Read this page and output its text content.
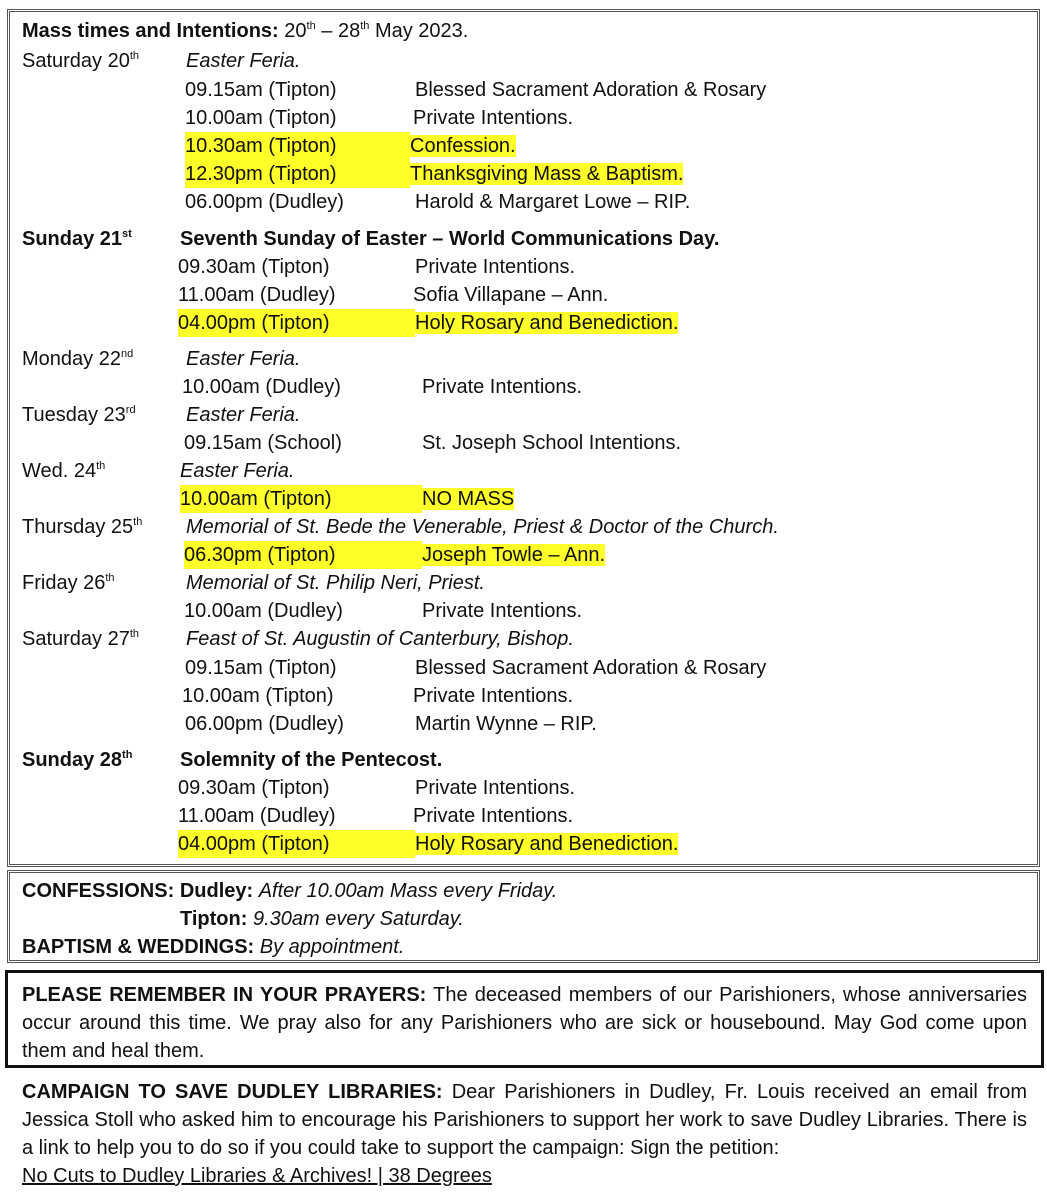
Mass times and Intentions: 20th – 28th May 2023.
Saturday 20th Easter Feria.
09.15am (Tipton)	Blessed Sacrament Adoration & Rosary
10.00am (Tipton)	Private Intentions.
10.30am (Tipton)	Confession.
12.30pm (Tipton)	Thanksgiving Mass & Baptism.
06.00pm (Dudley)	Harold & Margaret Lowe – RIP.
Sunday 21st Seventh Sunday of Easter – World Communications Day.
09.30am (Tipton)	Private Intentions.
11.00am (Dudley)	Sofia Villapane – Ann.
04.00pm (Tipton)	Holy Rosary and Benediction.
Monday 22nd	Easter Feria.
10.00am (Dudley)	Private Intentions.
Tuesday 23rd	Easter Feria.
09.15am (School)	St. Joseph School Intentions.
Wed. 24th	Easter Feria.
10.00am (Tipton)	NO MASS
Thursday 25th Memorial of St. Bede the Venerable, Priest & Doctor of the Church.
06.30pm (Tipton)	Joseph Towle – Ann.
Friday 26th	Memorial of St. Philip Neri, Priest.
10.00am (Dudley)	Private Intentions.
Saturday 27th Feast of St. Augustin of Canterbury, Bishop.
09.15am (Tipton)	Blessed Sacrament Adoration & Rosary
10.00am (Tipton)	Private Intentions.
06.00pm (Dudley)	Martin Wynne – RIP.
Sunday 28th Solemnity of the Pentecost.
09.30am (Tipton)	Private Intentions.
11.00am (Dudley)	Private Intentions.
04.00pm (Tipton)	Holy Rosary and Benediction.
CONFESSIONS: Dudley: After 10.00am Mass every Friday.
Tipton: 9.30am every Saturday.
BAPTISM & WEDDINGS: By appointment.
PLEASE REMEMBER IN YOUR PRAYERS: The deceased members of our Parishioners, whose anniversaries occur around this time. We pray also for any Parishioners who are sick or housebound. May God come upon them and heal them.
CAMPAIGN TO SAVE DUDLEY LIBRARIES: Dear Parishioners in Dudley, Fr. Louis received an email from Jessica Stoll who asked him to encourage his Parishioners to support her work to save Dudley Libraries. There is a link to help you to do so if you could take to support the campaign: Sign the petition:
No Cuts to Dudley Libraries & Archives! | 38 Degrees
